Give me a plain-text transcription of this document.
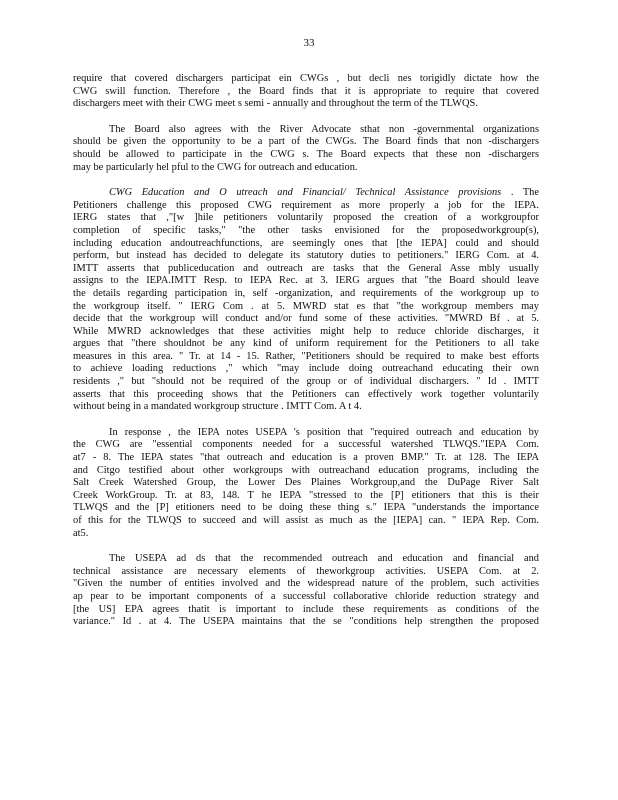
33

require that covered dischargers participat ein CWGs , but decli nes torigidly dictate how the
CWG swill function. Therefore , the Board finds that it is appropriate to require that covered
dischargers meet with their CWG meet s semi - annually and throughout the term of the TLWQS.

The Board also agrees with the River Advocate sthat non -governmental organizations
should be given the opportunity to be a part of the CWGs. The Board finds that non -dischargers
should be allowed to participate in the CWG s. The Board expects that these non -dischargers
may be particularly hel pful to the CWG for outreach and education.

CWG Education and O utreach and Financial/ Technical Assistance provisions . The
Petitioners challenge this proposed CWG requirement as more properly a job for the IEPA.
IERG states that ,"[w ]hile petitioners voluntarily proposed the creation of a workgroupfor
completion of specific tasks," "the other tasks envisioned for the proposedworkgroup(s),
including education andoutreachfunctions, are seemingly ones that [the IEPA] could and should
perform, but instead has decided to delegate its statutory duties to petitioners." IERG Com. at 4.
IMTT asserts that publiceducation and outreach are tasks that the General Asse mbly usually
assigns to the IEPA.IMTT Resp. to IEPA Rec. at 3. IERG argues that "the Board should leave
the details regarding participation in, self -organization, and requirements of the workgroup up to
the workgroup itself. " IERG Com . at 5. MWRD stat es that "the workgroup members may
decide that the workgroup will conduct and/or fund some of these activities. "MWRD Bf . at 5.
While MWRD acknowledges that these activities might help to reduce chloride discharges, it
argues that "there shouldnot be any kind of uniform requirement for the Petitioners to all take
measures in this area. " Tr. at 14 - 15. Rather, "Petitioners should be required to make best efforts
to achieve loading reductions ," which "may include doing outreachand educating their own
residents ," but "should not be required of the group or of individual dischargers. " Id . IMTT
asserts that this proceeding shows that the Petitioners can effectively work together voluntarily
without being in a mandated workgroup structure . IMTT Com. A t 4.

In response , the IEPA notes USEPA 's position that "required outreach and education by
the CWG are "essential components needed for a successful watershed TLWQS."IEPA Com.
at7 - 8. The IEPA states "that outreach and education is a proven BMP." Tr. at 128. The IEPA
and Citgo testified about other workgroups with outreachand education programs, including the
Salt Creek Watershed Group, the Lower Des Plaines Workgroup,and the DuPage River Salt
Creek WorkGroup. Tr. at 83, 148. T he IEPA "stressed to the [P] etitioners that this is their
TLWQS and the [P] etitioners need to be doing these thing s." IEPA "understands the importance
of this for the TLWQS to succeed and will assist as much as the [IEPA] can. " IEPA Rep. Com.
at5.

The USEPA ad ds that the recommended outreach and education and financial and
technical assistance are necessary elements of theworkgroup activities. USEPA Com. at 2.
"Given the number of entities involved and the widespread nature of the problem, such activities
ap pear to be important components of a successful collaborative chloride reduction strategy and
[the US] EPA agrees thatit is important to include these requirements as conditions of the
variance." Id . at 4. The USEPA maintains that the se "conditions help strengthen the proposed
